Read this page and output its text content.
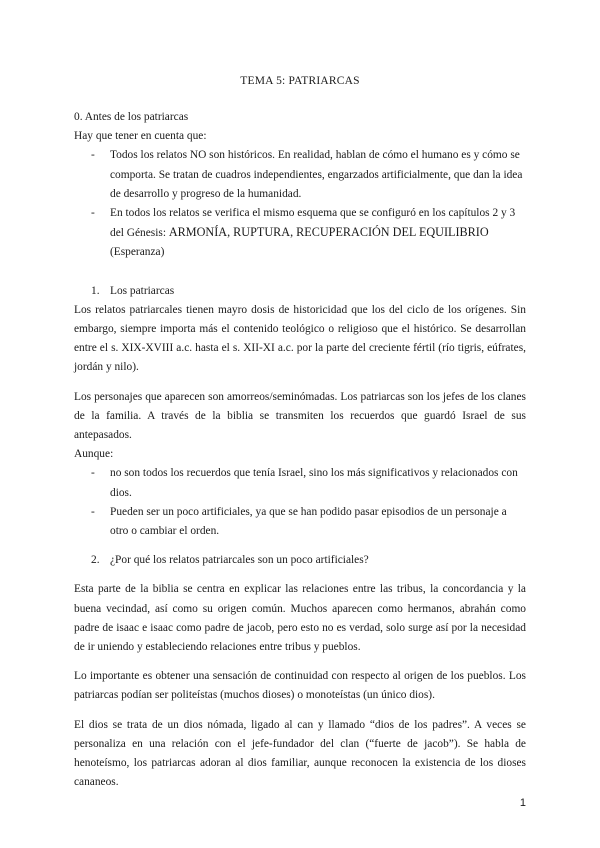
TEMA 5: PATRIARCAS

0. Antes de los patriarcas

Hay que tener en cuenta que:

- Todos los relatos NO son históricos. En realidad, hablan de cómo el humano es y cómo se comporta. Se tratan de cuadros independientes, engarzados artificialmente, que dan la idea de desarrollo y progreso de la humanidad.
- En todos los relatos se verifica el mismo esquema que se configuró en los capítulos 2 y 3 del Génesis: ARMONÍA, RUPTURA, RECUPERACIÓN DEL EQUILIBRIO (Esperanza)

1. Los patriarcas

Los relatos patriarcales tienen mayro dosis de historicidad que los del ciclo de los orígenes. Sin embargo, siempre importa más el contenido teológico o religioso que el histórico. Se desarrollan entre el s. XIX-XVIII a.c. hasta el s. XII-XI a.c. por la parte del creciente fértil (río tigris, eúfrates, jordán y nilo).

Los personajes que aparecen son amorreos/seminómadas. Los patriarcas son los jefes de los clanes de la familia. A través de la biblia se transmiten los recuerdos que guardó Israel de sus antepasados.

Aunque:

- no son todos los recuerdos que tenía Israel, sino los más significativos y relacionados con dios.
- Pueden ser un poco artificiales, ya que se han podido pasar episodios de un personaje a otro o cambiar el orden.

2. ¿Por qué los relatos patriarcales son un poco artificiales?

Esta parte de la biblia se centra en explicar las relaciones entre las tribus, la concordancia y la buena vecindad, así como su origen común. Muchos aparecen como hermanos, abrahán como padre de isaac e isaac como padre de jacob, pero esto no es verdad, solo surge así por la necesidad de ir uniendo y estableciendo relaciones entre tribus y pueblos.

Lo importante es obtener una sensación de continuidad con respecto al origen de los pueblos. Los patriarcas podían ser politeístas (muchos dioses) o monoteístas (un único dios).

El dios se trata de un dios nómada, ligado al can y llamado “dios de los padres”. A veces se personaliza en una relación con el jefe-fundador del clan (“fuerte de jacob”). Se habla de henoteísmo, los patriarcas adoran al dios familiar, aunque reconocen la existencia de los dioses cananeos.

1
